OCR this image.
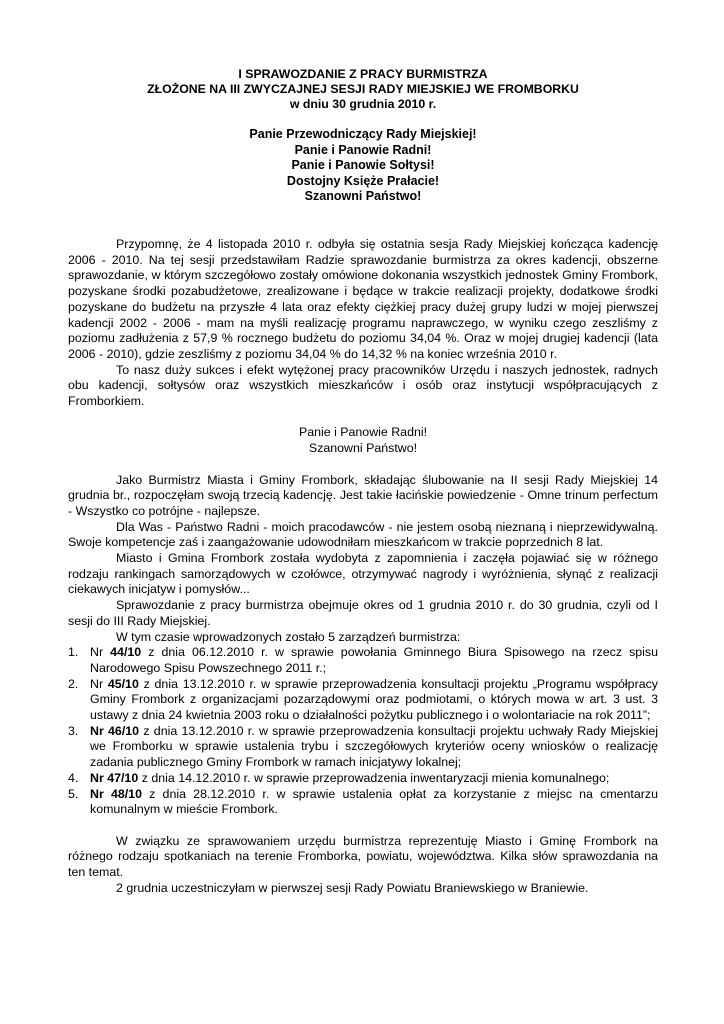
I SPRAWOZDANIE Z PRACY BURMISTRZA
ZŁOŻONE NA III ZWYCZAJNEJ SESJI RADY MIEJSKIEJ WE FROMBORKU
w dniu 30 grudnia 2010 r.
Panie Przewodniczący Rady Miejskiej!
Panie i Panowie Radni!
Panie i Panowie Sołtysi!
Dostojny Księże Prałacie!
Szanowni Państwo!

Przypomnę, że 4 listopada 2010 r. odbyła się ostatnia sesja Rady Miejskiej kończąca kadencję 2006 - 2010. Na tej sesji przedstawiłam Radzie sprawozdanie burmistrza za okres kadencji, obszerne sprawozdanie, w którym szczegółowo zostały omówione dokonania wszystkich jednostek Gminy Frombork, pozyskane środki pozabudżetowe, zrealizowane i będące w trakcie realizacji projekty, dodatkowe środki pozyskane do budżetu na przyszłe 4 lata oraz efekty ciężkiej pracy dużej grupy ludzi w mojej pierwszej kadencji 2002 - 2006 - mam na myśli realizację programu naprawczego, w wyniku czego zeszliśmy z poziomu zadłużenia z 57,9 % rocznego budżetu do poziomu 34,04 %. Oraz w mojej drugiej kadencji (lata 2006 - 2010), gdzie zeszliśmy z poziomu 34,04 % do 14,32 % na koniec września 2010 r.

To nasz duży sukces i efekt wytężonej pracy pracowników Urzędu i naszych jednostek, radnych obu kadencji, sołtysów oraz wszystkich mieszkańców i osób oraz instytucji współpracujących z Fromborkiem.

Panie i Panowie Radni!

Szanowni Państwo!

Jako Burmistrz Miasta i Gminy Frombork, składając ślubowanie na II sesji Rady Miejskiej 14 grudnia br., rozpoczęłam swoją trzecią kadencję. Jest takie łacińskie powiedzenie - Omne trinum perfectum - Wszystko co potrójne - najlepsze.

Dla Was - Państwo Radni - moich pracodawców - nie jestem osobą nieznaną i nieprzewidywalną. Swoje kompetencje zaś i zaangażowanie udowodniłam mieszkańcom w trakcie poprzednich 8 lat.

Miasto i Gmina Frombork została wydobyta z zapomnienia i zaczęła pojawiać się w różnego rodzaju rankingach samorządowych w czołówce, otrzymywać nagrody i wyróżnienia, słynąć z realizacji ciekawych inicjatyw i pomysłów...

Sprawozdanie z pracy burmistrza obejmuje okres od 1 grudnia 2010 r. do 30 grudnia, czyli od I sesji do III Rady Miejskiej.

W tym czasie wprowadzonych zostało 5 zarządzeń burmistrza:

1. Nr 44/10 z dnia 06.12.2010 r. w sprawie powołania Gminnego Biura Spisowego na rzecz spisu Narodowego Spisu Powszechnego 2011 r.;
2. Nr 45/10 z dnia 13.12.2010 r. w sprawie przeprowadzenia konsultacji projektu „Programu współpracy Gminy Frombork z organizacjami pozarządowymi oraz podmiotami, o których mowa w art. 3 ust. 3 ustawy z dnia 24 kwietnia 2003 roku o działalności pożytku publicznego i o wolontariacie na rok 2011”;
3. Nr 46/10 z dnia 13.12.2010 r. w sprawie przeprowadzenia konsultacji projektu uchwały Rady Miejskiej we Fromborku w sprawie ustalenia trybu i szczegółowych kryteriów oceny wniosków o realizację zadania publicznego Gminy Frombork w ramach inicjatywy lokalnej;
4. Nr 47/10 z dnia 14.12.2010 r. w sprawie przeprowadzenia inwentaryzacji mienia komunalnego;
5. Nr 48/10 z dnia 28.12.2010 r. w sprawie ustalenia opłat za korzystanie z miejsc na cmentarzu komunalnym w mieście Frombork.

W związku ze sprawowaniem urzędu burmistrza reprezentuję Miasto i Gminę Frombork na różnego rodzaju spotkaniach na terenie Fromborka, powiatu, województwa. Kilka słów sprawozdania na ten temat.

2 grudnia uczestniczyłam w pierwszej sesji Rady Powiatu Braniewskiego w Braniewie.
